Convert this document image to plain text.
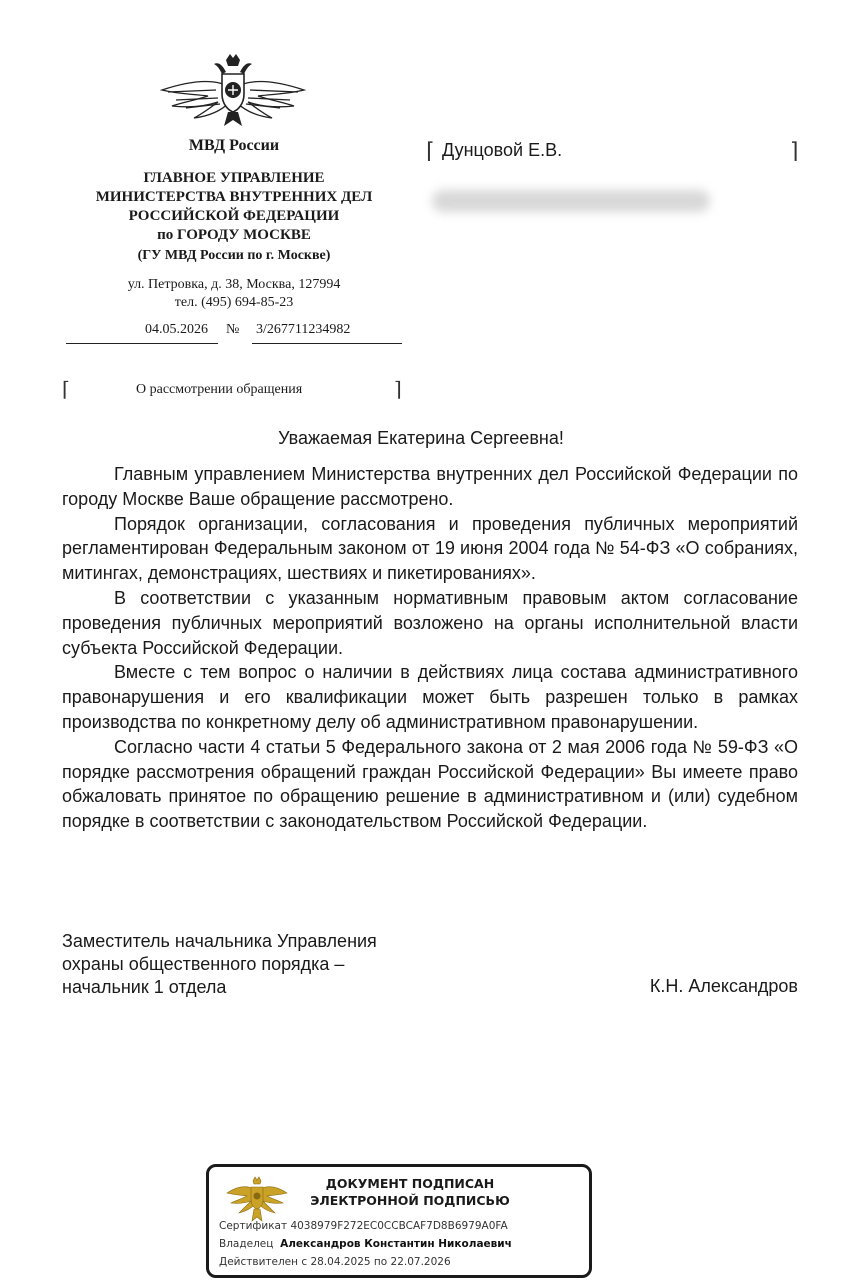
МВД России
ГЛАВНОЕ УПРАВЛЕНИЕ
МИНИСТЕРСТВА ВНУТРЕННИХ ДЕЛ
РОССИЙСКОЙ ФЕДЕРАЦИИ
по ГОРОДУ МОСКВЕ
(ГУ МВД России по г. Москве)
ул. Петровка, д. 38, Москва, 127994
тел. (495) 694-85-23
04.05.2026 № 3/267711234982
⌈	О рассмотрении обращения	⌉
⌈ Дунцовой Е.В.	⌉
Уважаемая Екатерина Сергеевна!

Главным управлением Министерства внутренних дел Российской Федерации по городу Москве Ваше обращение рассмотрено.

Порядок организации, согласования и проведения публичных мероприятий регламентирован Федеральным законом от 19 июня 2004 года № 54-ФЗ «О собраниях, митингах, демонстрациях, шествиях и пикетированиях».

В соответствии с указанным нормативным правовым актом согласование проведения публичных мероприятий возложено на органы исполнительной власти субъекта Российской Федерации.

Вместе с тем вопрос о наличии в действиях лица состава административного правонарушения и его квалификации может быть разрешен только в рамках производства по конкретному делу об административном правонарушении.

Согласно части 4 статьи 5 Федерального закона от 2 мая 2006 года № 59-ФЗ «О порядке рассмотрения обращений граждан Российской Федерации» Вы имеете право обжаловать принятое по обращению решение в административном и (или) судебном порядке в соответствии с законодательством Российской Федерации.

Заместитель начальника Управления
охраны общественного порядка –
начальник 1 отдела	К.Н. Александров
ДОКУМЕНТ ПОДПИСАН
ЭЛЕКТРОННОЙ ПОДПИСЬЮ
Сертификат 4038979F272EC0CCBCAF7D8B6979A0FA
Владелец Александров Константин Николаевич
Действителен с 28.04.2025 по 22.07.2026
